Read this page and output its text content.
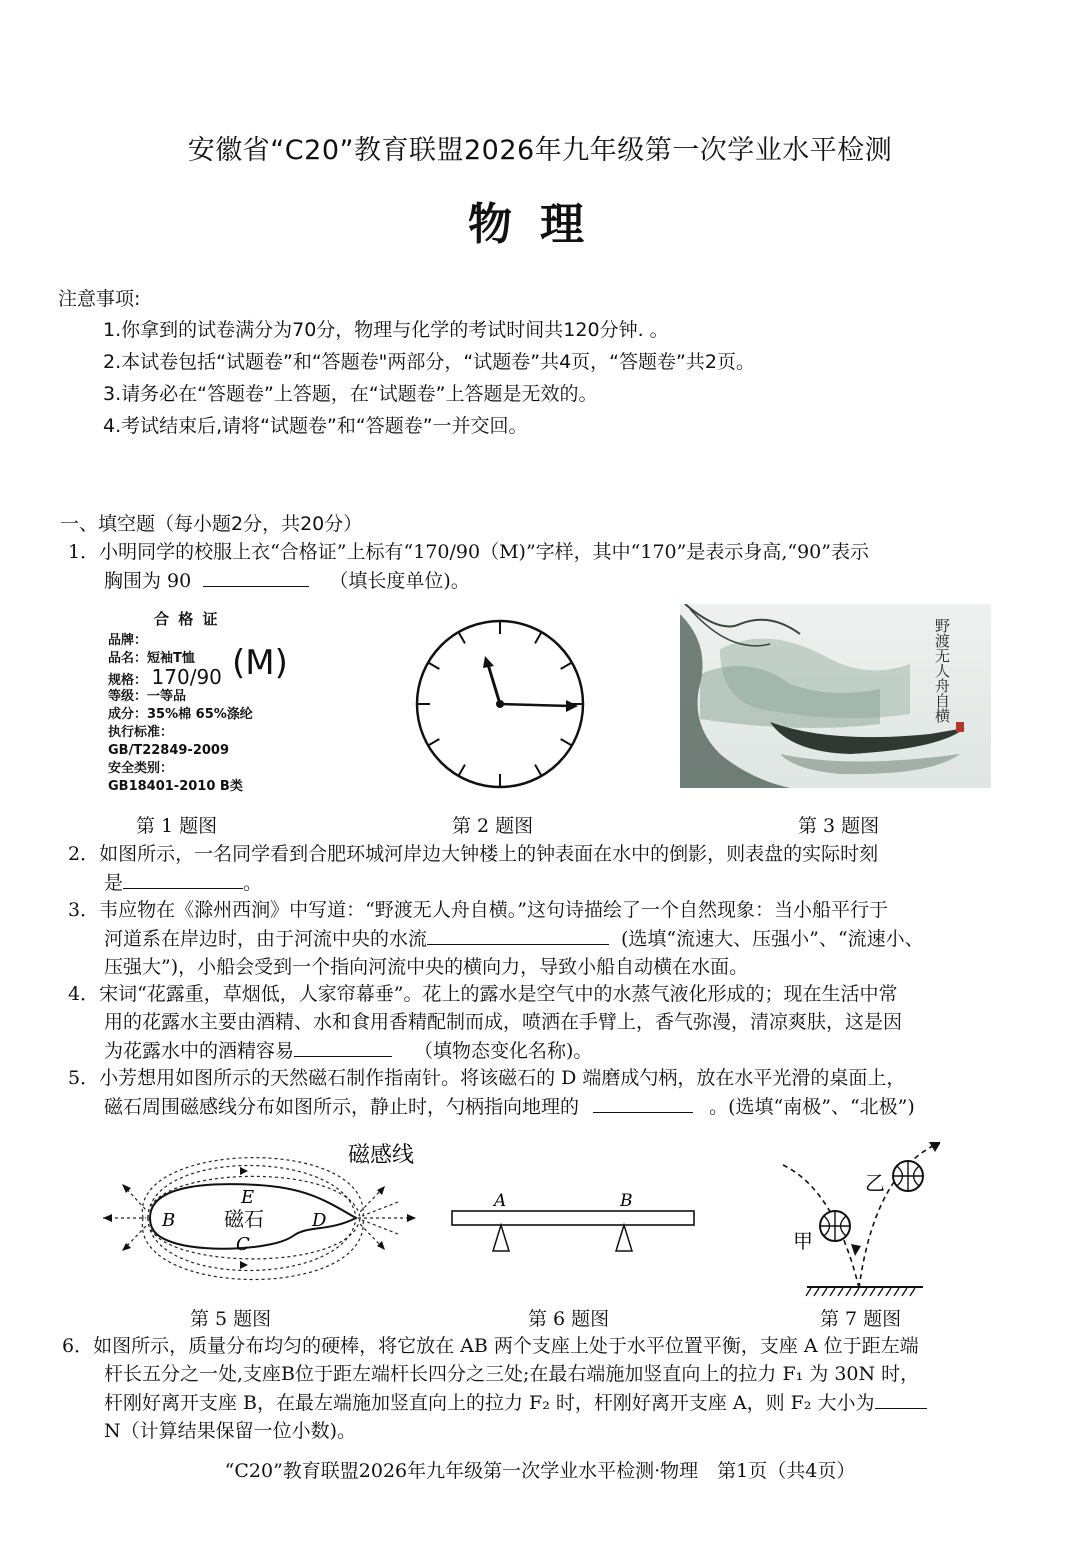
安徽省“C20”教育联盟2026年九年级第一次学业水平检测
物理
注意事项:
1.你拿到的试卷满分为70分，物理与化学的考试时间共120分钟. 。
2.本试卷包括“试题卷”和“答题卷"两部分，“试题卷”共4页，“答题卷”共2页。
3.请务必在“答题卷”上答题，在“试题卷”上答题是无效的。
4.考试结束后,请将“试题卷”和“答题卷”一并交回。
一、填空题（每小题2分，共20分）
1．小明同学的校服上衣“合格证”上标有“170/90（M)”字样，其中“170”是表示身高,“90”表示
胸围为 90	（填长度单位)。
合 格 证
品牌：
品名：短袖T恤
规格： 170/90 (M)
等级：一等品
成分：35%棉 65%涤纶
执行标准：
GB/T22849-2009
安全类别：
GB18401-2010 B类
野渡无人舟自横
第 1 题图	第 2 题图	第 3 题图
2．如图所示，一名同学看到合肥环城河岸边大钟楼上的钟表面在水中的倒影，则表盘的实际时刻
是	。
3．韦应物在《滁州西涧》中写道：“野渡无人舟自横。”这句诗描绘了一个自然现象：当小船平行于
河道系在岸边时，由于河流中央的水流	(选填“流速大、压强小”、“流速小、
压强大”)，小船会受到一个指向河流中央的横向力，导致小船自动横在水面。
4．宋词“花露重，草烟低，人家帘幕垂”。花上的露水是空气中的水蒸气液化形成的；现在生活中常
用的花露水主要由酒精、水和食用香精配制而成，喷洒在手臂上，香气弥漫，清凉爽肤，这是因
为花露水中的酒精容易	（填物态变化名称)。
5．小芳想用如图所示的天然磁石制作指南针。将该磁石的 D 端磨成勺柄，放在水平光滑的桌面上，
磁石周围磁感线分布如图所示，静止时，勺柄指向地理的	。(选填“南极”、“北极”)
磁感线
磁石
E
B	D
C
A	B
乙
甲
第 5 题图	第 6 题图	第 7 题图
6．如图所示，质量分布均匀的硬棒，将它放在 AB 两个支座上处于水平位置平衡，支座 A 位于距左端
杆长五分之一处,支座B位于距左端杆长四分之三处;在最右端施加竖直向上的拉力 F₁ 为 30N 时，
杆刚好离开支座 B，在最左端施加竖直向上的拉力 F₂ 时，杆刚好离开支座 A，则 F₂ 大小为
N（计算结果保留一位小数)。
“C20”教育联盟2026年九年级第一次学业水平检测·物理　第1页（共4页）
